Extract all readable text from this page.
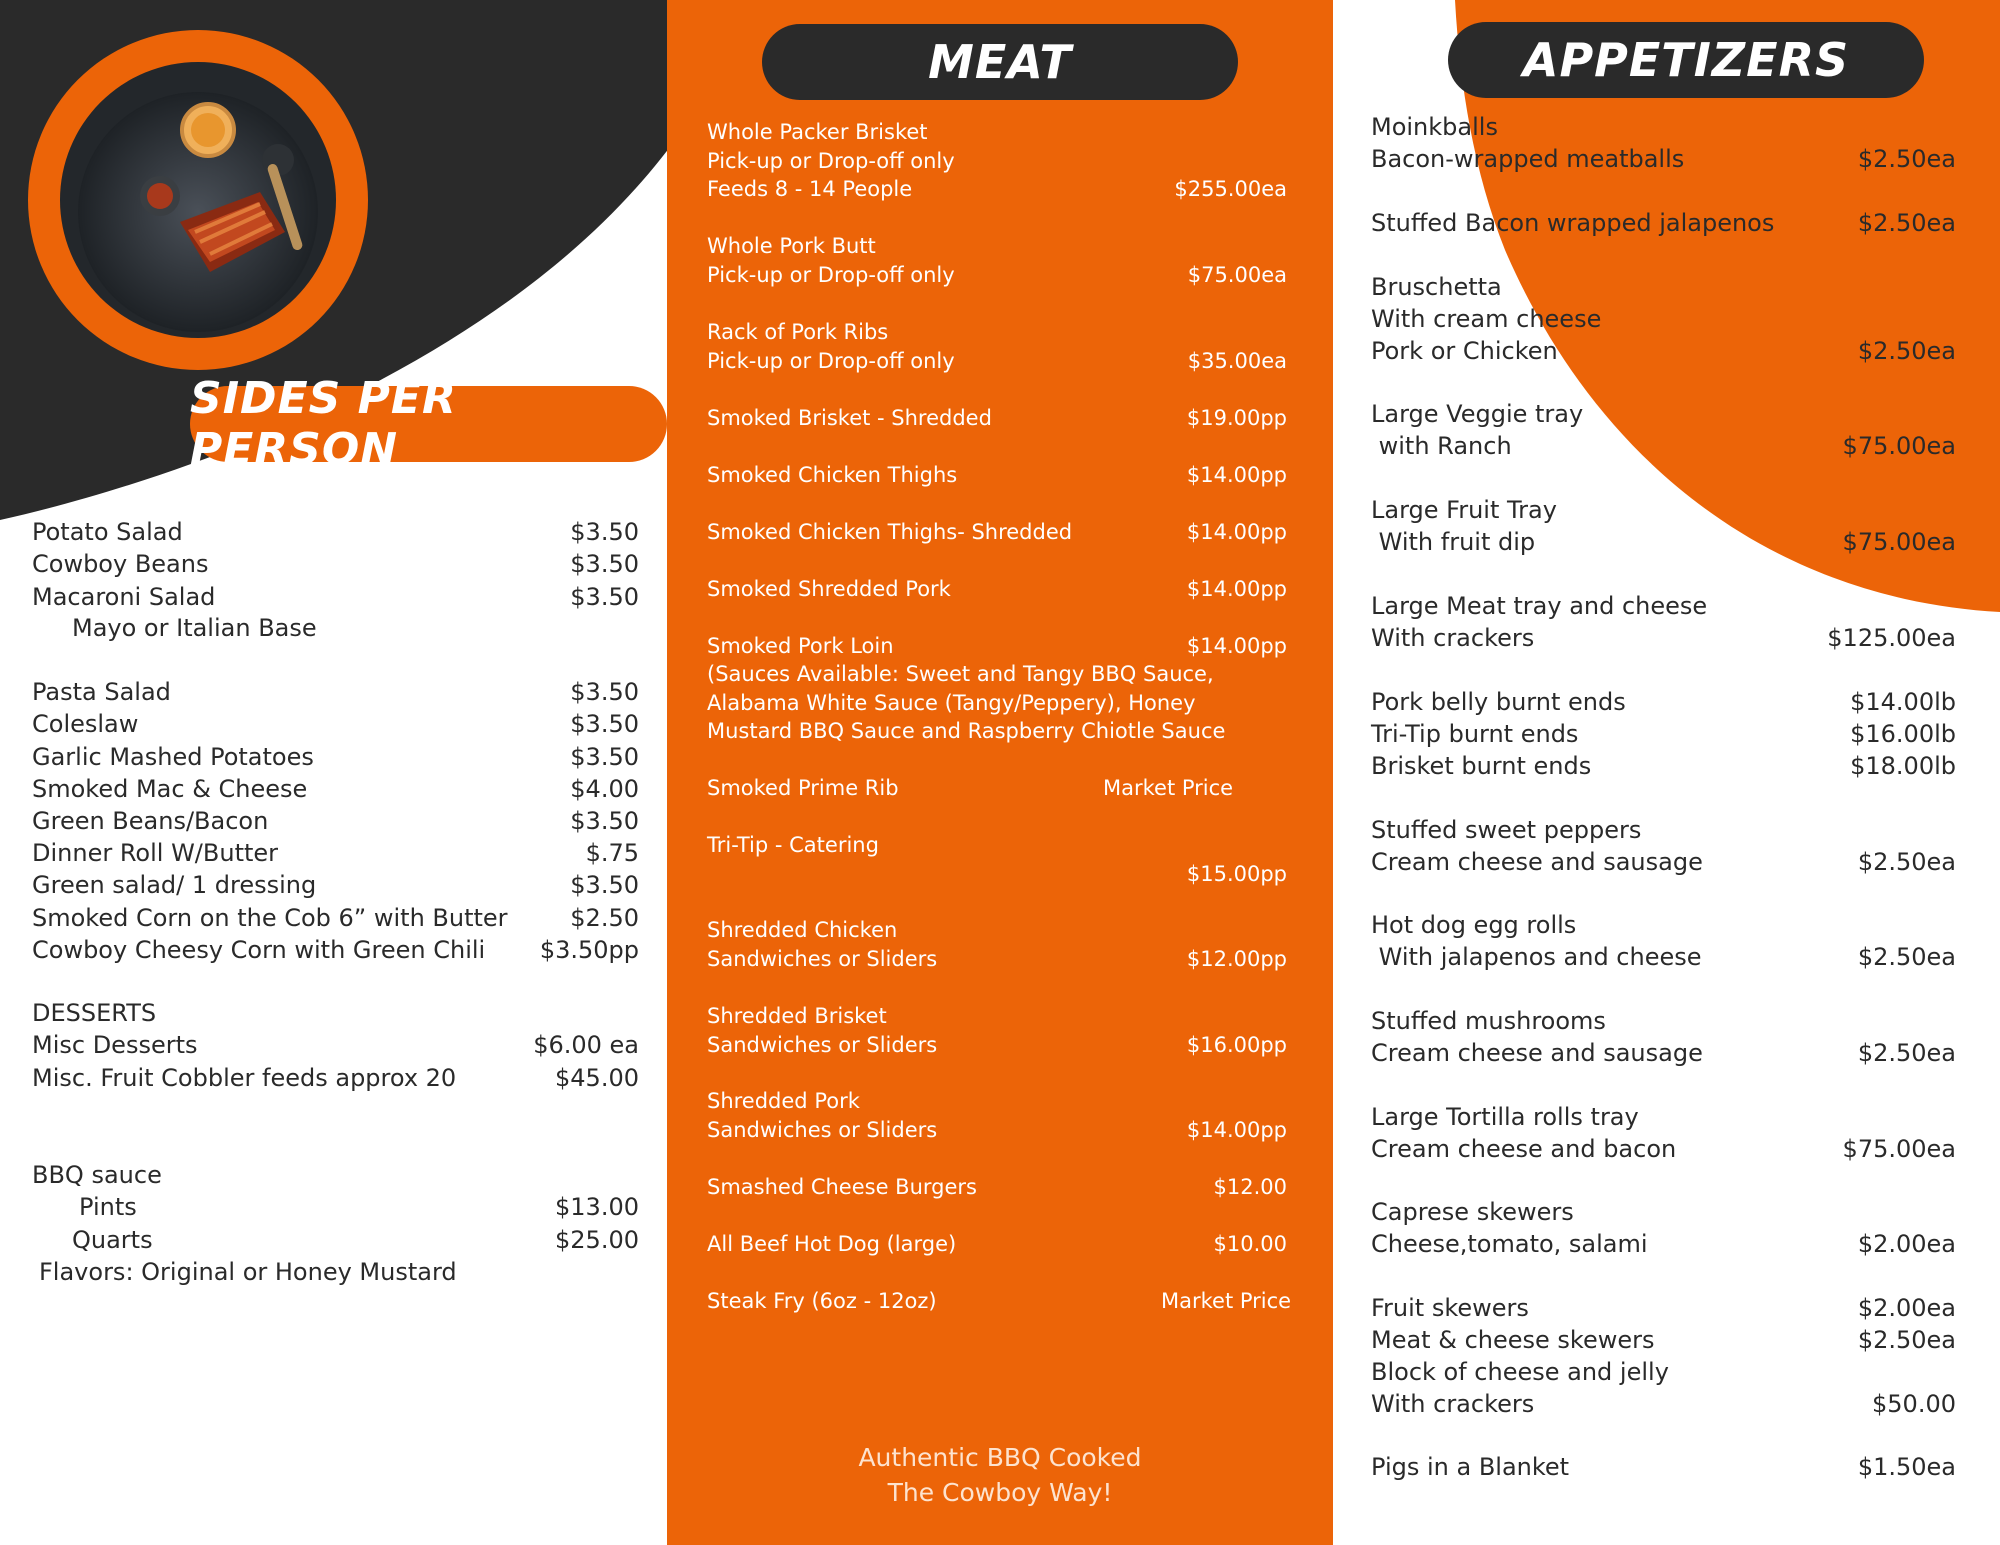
SIDES PER PERSON
MEAT	APPETIZERS
Potato Salad	$3.50
Cowboy Beans	$3.50
Macaroni Salad	$3.50
Mayo or Italian Base
Pasta Salad	$3.50
Coleslaw	$3.50
Garlic Mashed Potatoes	$3.50
Smoked Mac & Cheese	$4.00
Green Beans/Bacon	$3.50
Dinner Roll W/Butter	$.75
Green salad/ 1 dressing	$3.50
Smoked Corn on the Cob 6” with Butter	$2.50
Cowboy Cheesy Corn with Green Chili $3.50pp
DESSERTS
Misc Desserts	$6.00 ea
Misc. Fruit Cobbler feeds approx 20	$45.00
BBQ sauce
Pints	$13.00
Quarts	$25.00
Flavors: Original or Honey Mustard
Whole Packer Brisket
Pick-up or Drop-off only
Feeds 8 - 14 People	$255.00ea
Whole Pork Butt
Pick-up or Drop-off only	$75.00ea
Rack of Pork Ribs
Pick-up or Drop-off only	$35.00ea
Smoked Brisket - Shredded	$19.00pp
Smoked Chicken Thighs	$14.00pp
Smoked Chicken Thighs- Shredded	$14.00pp
Smoked Shredded Pork	$14.00pp
Smoked Pork Loin	$14.00pp
(Sauces Available: Sweet and Tangy BBQ Sauce,
Alabama White Sauce (Tangy/Peppery), Honey
Mustard BBQ Sauce and Raspberry Chiotle Sauce
Smoked Prime Rib	Market Price
Tri-Tip - Catering
$15.00pp
Shredded Chicken
Sandwiches or Sliders	$12.00pp
Shredded Brisket
Sandwiches or Sliders	$16.00pp
Shredded Pork
Sandwiches or Sliders	$14.00pp
Smashed Cheese Burgers	$12.00
All Beef Hot Dog (large)	$10.00
Steak Fry (6oz - 12oz)	Market Price
Moinkballs
Bacon-wrapped meatballs	$2.50ea
Stuffed Bacon wrapped jalapenos	$2.50ea
Bruschetta
With cream cheese
Pork or Chicken	$2.50ea
Large Veggie tray
with Ranch	$75.00ea
Large Fruit Tray
With fruit dip	$75.00ea
Large Meat tray and cheese
With crackers	$125.00ea
Pork belly burnt ends	$14.00lb
Tri-Tip burnt ends	$16.00lb
Brisket burnt ends	$18.00lb
Stuffed sweet peppers
Cream cheese and sausage	$2.50ea
Hot dog egg rolls
With jalapenos and cheese	$2.50ea
Stuffed mushrooms
Cream cheese and sausage	$2.50ea
Large Tortilla rolls tray
Cream cheese and bacon	$75.00ea
Caprese skewers
Cheese,tomato, salami	$2.00ea
Fruit skewers	$2.00ea
Meat & cheese skewers	$2.50ea
Block of cheese and jelly
With crackers	$50.00
Pigs in a Blanket	$1.50ea
Authentic BBQ Cooked
The Cowboy Way!
